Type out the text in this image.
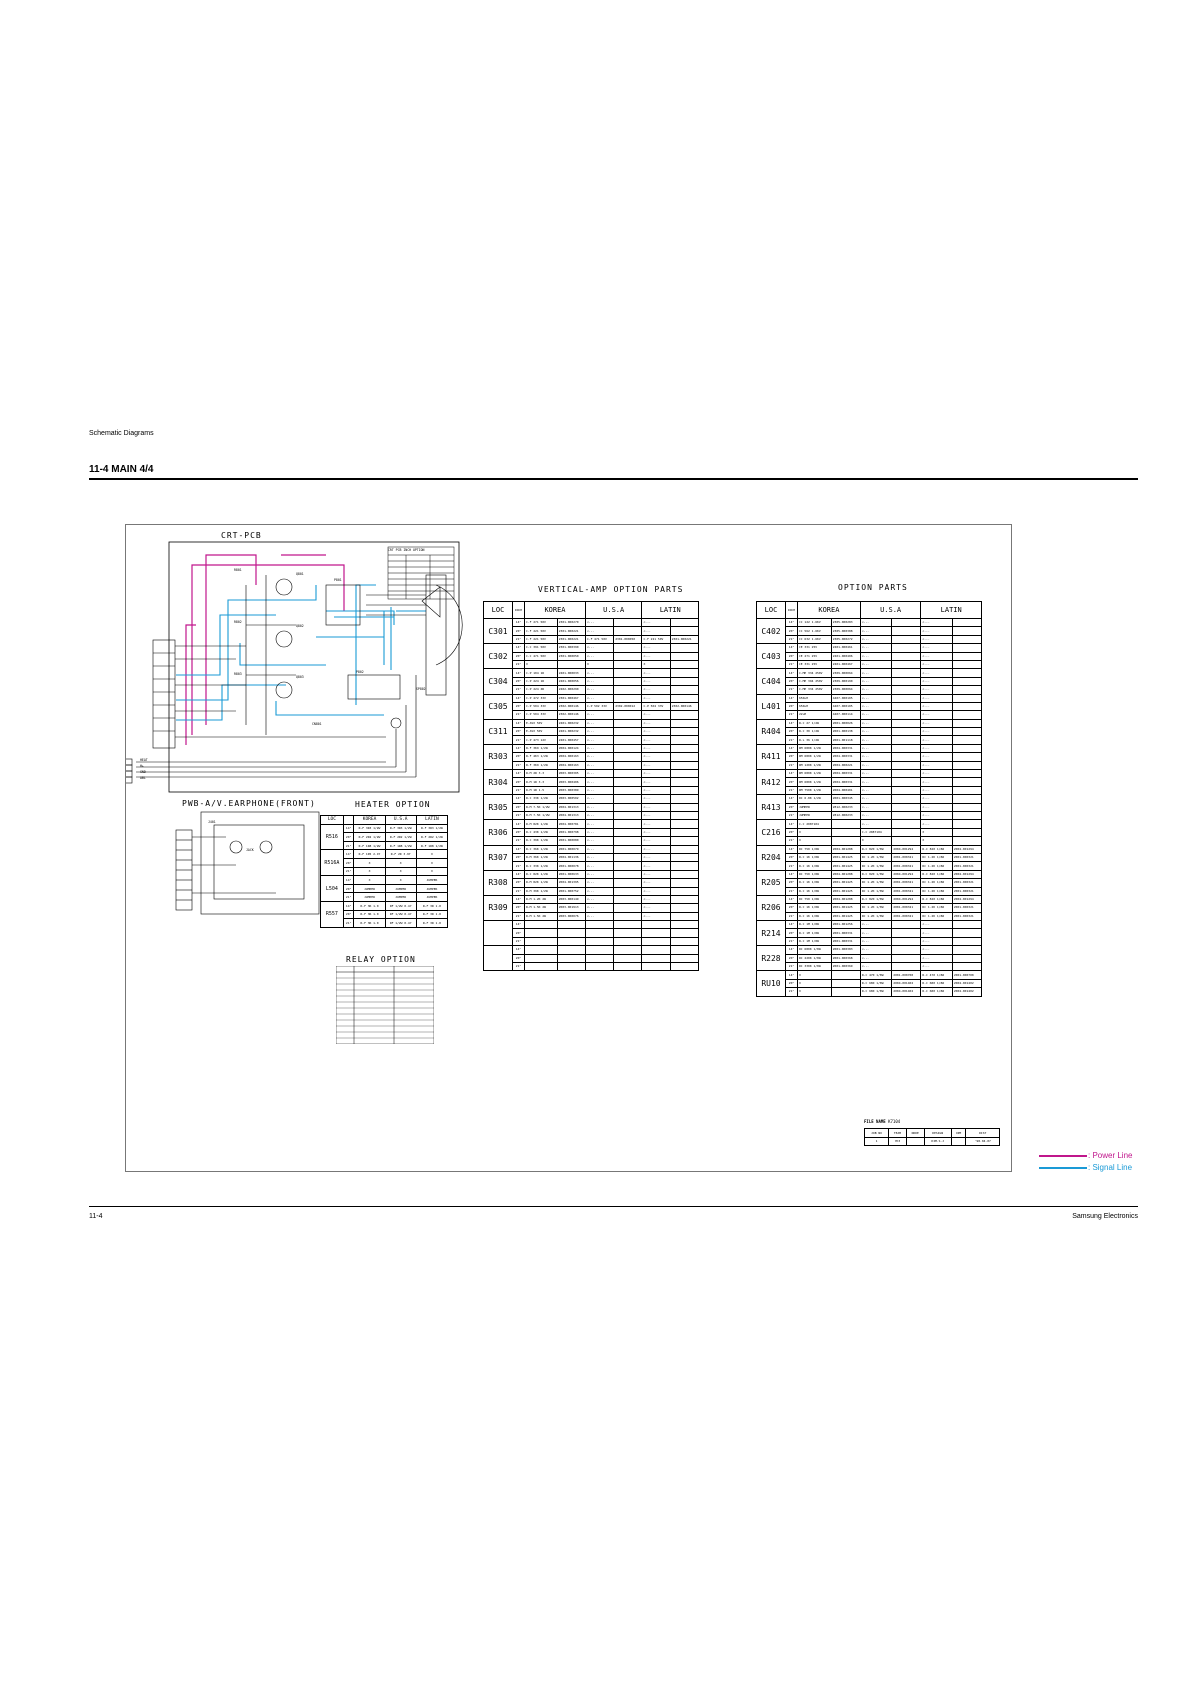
Schematic Diagrams
11-4 MAIN 4/4
Q801
Q802
Q803
R801
R802
R803
P801
P802
CRT PCB INCH OPTION
SP802
CN801
HEAT
H+
GND
ABL
JACK
J401
CRT-PCB
PWB-A/V.EARPHONE(FRONT)	HEATER OPTION
RELAY OPTION
VERTICAL-AMP OPTION PARTS	OPTION PARTS
LOC		KOREA	U.S.A	LATIN
R516	14"	R-F 3R3 1/2W	R-F 3R3 1/2W	R-F 3R3 1/2W
	20"	R-F 2R2 1/2W	R-F 2R2 1/2W	R-F 2R2 1/2W
	21"	R-F 1R8 1/2W	R-F 1R8 1/2W	R-F 1R8 1/2W
R516A	14"	R-F 1R5 2.4Y	R-F 2R 3.9Y	X
	20"	X	X	X
	21"	X	X	X
L504	14"	X	X	JUMPER
	20"	JUMPER	JUMPER	JUMPER
	21"	JUMPER	JUMPER	JUMPER
R557	14"	R-F 3R 1.0	RF 1/2W 0.47	R-F 3R 1.0
	20"	R-F 3R 1.0	RF 1/2W 0.47	R-F 3R 1.0
	21"	R-F 3R 1.0	RF 1/2W 0.47	R-F 3R 1.0
LOC	INCH	KOREA		U.S.A		LATIN	
C301	14"	C-F 271 50V	2301-000270	<---		<---	
	20"	C-F 221 50V	2301-000221	<---		<---	
	21"	C-F 221 50V	2301-000221	C-F 471 50V	2301-000050	C-F 221 50V	2301-000221
C302	14"	C-C 391 50V	2301-000390	<---		<---	
	20"	C-C 471 50V	2301-000050	<---		<---	
	21"	X		X		X	
C304	14"	C-P 104 1R	2401-000033	<---		<---	
	20"	C-P 224 1R	2401-000056	<---		<---	
	21"	C-P 224 ZR	2402-000290	<---		<---	
C305	14"	C-P 472 33V	2301-000467	<---		<---	
	20"	C-P 504 33V	2302-000146	C-P 502 33V	2302-000012	C-P 504 33V	2302-000146
	21"	C-P 504 33V	2302-000146	<---		<---	
C311	14"	E-AVX 50V	2401-000232	<---		<---	
	20"	E-AVX 50V	2401-000232	<---		<---	
	21"	C-P 473 12V	2401-000457	<---		<---	
R303	14"	R-F 3K9 1/2W	2004-000124	<---		<---	
	20"	R-F 4K3 1/2W	2004-000163	<---		<---	
	21"	R-F 3K9 1/2W	2004-000163	<---		<---	
R304	14"	R-M 2R 3.3	2003-000305	<---		<---	
	20"	R-M 1R 3.3	2003-000406	<---		<---	
	21"	R-M 1R 1.5	2003-000389	<---		<---	
R305	14"	R-C 33K 1/2W	2003-000502	<---		<---	
	20"	R-M 7.5K 1/2W	2004-001313	<---		<---	
	21"	R-M 7.5K 1/2W	2004-001313	<---		<---	
R306	14"	R-M 82K 1/2W	2004-000781	<---		<---	
	20"	R-C 43K 1/2W	2001-000798	<---		<---	
	21"	R-C 39K 1/2W	2001-000080	<---		<---	
R307	14"	R-C 36K 1/2W	2001-000079	<---		<---	
	20"	R-M 36K 1/2W	2004-001136	<---		<---	
	21"	R-C 33K 1/2W	2001-000078	<---		<---	
R308	14"	R-C 82K 1/2W	2001-000633	<---		<---	
	20"	R-M 82K 1/2W	2004-001395	<---		<---	
	21"	R-M 39K 1/2W	2001-000752	<---		<---	
R309	14"	R-M 1.2K 2W	2003-000149	<---		<---	
	20"	R-M 1.5K 2W	2003-001913	<---		<---	
	21"	R-M 1.5K 2W	2003-000076	<---		<---	
	14"						
	20"						
	21"						
	14"						
	20"						
	21"						
LOC	INCH	KOREA		U.S.A		LATIN	
C402	14"	CC 122 1.6KV	2305-000283	<---		<---	
	20"	CC 562 1.6KV	2305-000388	<---		<---	
	21"	CC 632 1.6KV	2305-000272	<---		<---	
C403	14"	CE 331 25V	2401-000461	<---		<---	
	20"	CE 271 25V	2401-000406	<---		<---	
	21"	CE 331 25V	2401-000467	<---		<---	
C404	14"	C-MP 334 250V	2309-000064	<---		<---	
	20"	C-MP 394 250V	2309-000190	<---		<---	
	21"	C-MP 334 250V	2309-000064	<---		<---	
L401	14"	650uH	4407-000105	<---		<---	
	20"	650uH	4407-000105	<---		<---	
	21"	22uH	4407-000114	<---		<---	
R404	14"	R-C 27 1/2W	2001-000026	<---		<---	
	20"	R-C 30 1/2W	2001-000138	<---		<---	
	21"	R-L 36 1/2W	2001-001118	<---		<---	
R411	14"	RM 680K 1/2W	2004-000331	<---		<---	
	20"	RM 680K 1/2W	2004-000331	<---		<---	
	21"	RM 120K 1/2W	2004-000221	<---		<---	
R412	14"	RM 680K 1/2W	2004-000331	<---		<---	
	20"	RM 680K 1/2W	2004-000331	<---		<---	
	21"	RM 750K 1/2W	2004-000401	<---		<---	
R413	14"	RC 6.8K 1/2W	2001-000345	<---		<---	
	20"	JUMPER	2812-000233	<---		<---	
	21"	JUMPER	2812-000233	<---		<---	
C216	14"	C-C 2087104		<---		<---	
	20"	X		C-C 2087104		X	
	21"	X		X		X	
R204	14"	RC 750 1/8W	2004-001288	R-C 820 1/8W	2004-001294	R-C 820 1/8W	2004-001294
	20"	R-C 1K 1/8W	2001-001425	RC 1.2K 1/8W	2001-000321	RC 1.2K 1/8W	2001-000321
	21"	R-C 1K 1/8W	2001-001425	RC 1.2K 1/8W	2001-000321	RC 1.2K 1/8W	2001-000321
R205	14"	RC 750 1/8W	2004-001288	R-C 820 1/8W	2004-001294	R-C 820 1/8W	2004-001294
	20"	R-C 1K 1/8W	2001-001425	RC 1.2K 1/8W	2001-000321	RC 1.2K 1/8W	2001-000321
	21"	R-C 1K 1/8W	2001-001425	RC 1.2K 1/8W	2001-000321	RC 1.2K 1/8W	2001-000321
R206	14"	RC 750 1/8W	2004-001288	R-C 820 1/8W	2004-001294	R-C 820 1/8W	2004-001294
	20"	R-C 1K 1/8W	2001-001425	RC 1.2K 1/8W	2001-000321	RC 1.2K 1/8W	2001-000321
	21"	R-C 1K 1/8W	2001-001425	RC 1.2K 1/8W	2001-000321	RC 1.2K 1/8W	2001-000321
R214	14"	R-C 1M 1/8W	2001-001256	<---		<---	
	20"	R-C 1M 1/8W	2001-000331	<---		<---	
	21"	R-C 1M 1/8W	2001-000331	<---		<---	
R228	14"	RC 680K 1/8W	2001-000383	<---		<---	
	20"	RC 220K 1/8W	2001-000368	<---		<---	
	21"	RC 330K 1/8W	2001-000369	<---		<---	
RU10	14"	X		R-C 470 1/8W	2001-000700	R-C 470 1/8W	2001-000700
	20"	X		R-C 680 1/8W	2004-001402	R-C 680 1/8W	2004-001402
	21"	X		R-C 680 1/8W	2004-001402	R-C 680 1/8W	2004-001402
FILE NAME K7104
JOB NO	TEAM	NODE	DESIGN	OPE	DIST
1	7K3		KIM.S.J		'98.04.07
: Power Line
: Signal Line
11-4	Samsung Electronics
